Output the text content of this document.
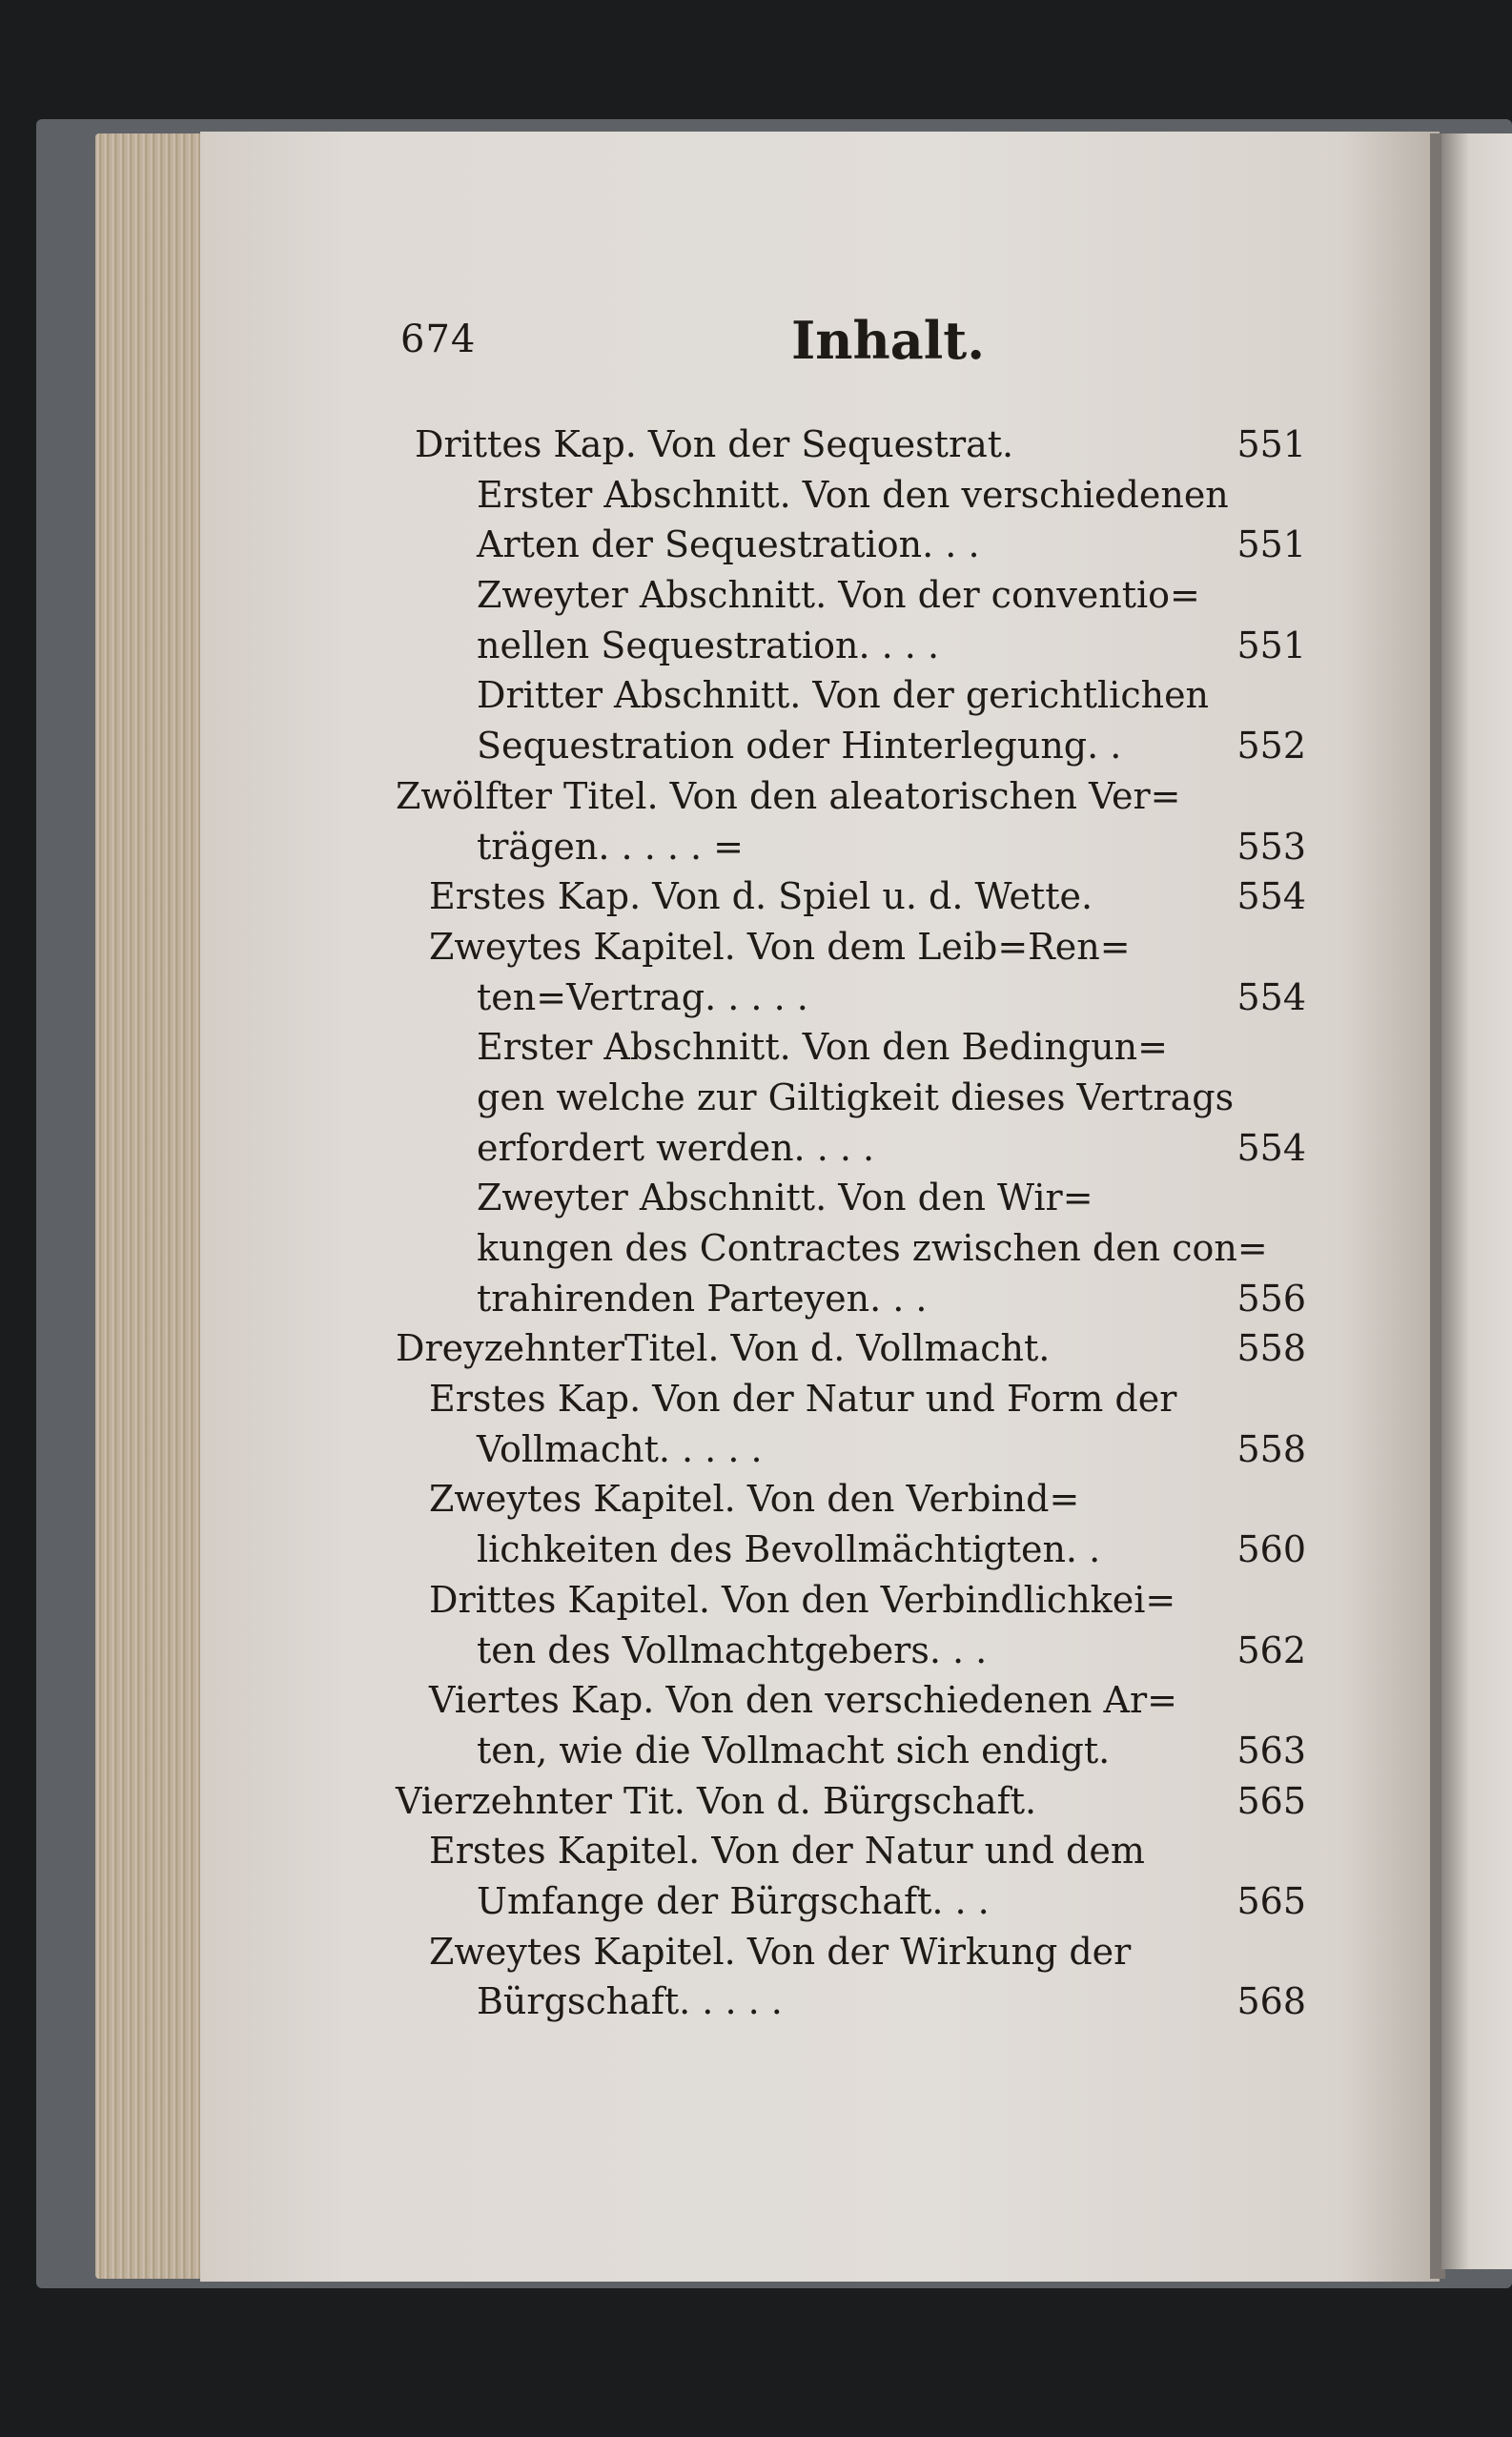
674	Inhalt.
Drittes Kap. Von der Sequestrat.	551
Erster Abschnitt. Von den verschiedenen
Arten der Sequestration. . .	551
Zweyter Abschnitt. Von der conventio=
nellen Sequestration. . . .	551
Dritter Abschnitt. Von der gerichtlichen
Sequestration oder Hinterlegung. .	552
Zwölfter Titel. Von den aleatorischen Ver=
trägen. . . . . =	553
Erstes Kap. Von d. Spiel u. d. Wette.	554
Zweytes Kapitel. Von dem Leib=Ren=
ten=Vertrag. . . . .	554
Erster Abschnitt. Von den Bedingun=
gen welche zur Giltigkeit dieses Vertrags
erfordert werden. . . .	554
Zweyter Abschnitt. Von den Wir=
kungen des Contractes zwischen den con=
trahirenden Parteyen. . .	556
DreyzehnterTitel. Von d. Vollmacht.	558
Erstes Kap. Von der Natur und Form der
Vollmacht. . . . .	558
Zweytes Kapitel. Von den Verbind=
lichkeiten des Bevollmächtigten. .	560
Drittes Kapitel. Von den Verbindlichkei=
ten des Vollmachtgebers. . .	562
Viertes Kap. Von den verschiedenen Ar=
ten, wie die Vollmacht sich endigt.	563
Vierzehnter Tit. Von d. Bürgschaft.	565
Erstes Kapitel. Von der Natur und dem
Umfange der Bürgschaft. . .	565
Zweytes Kapitel. Von der Wirkung der
Bürgschaft. . . . .	568
